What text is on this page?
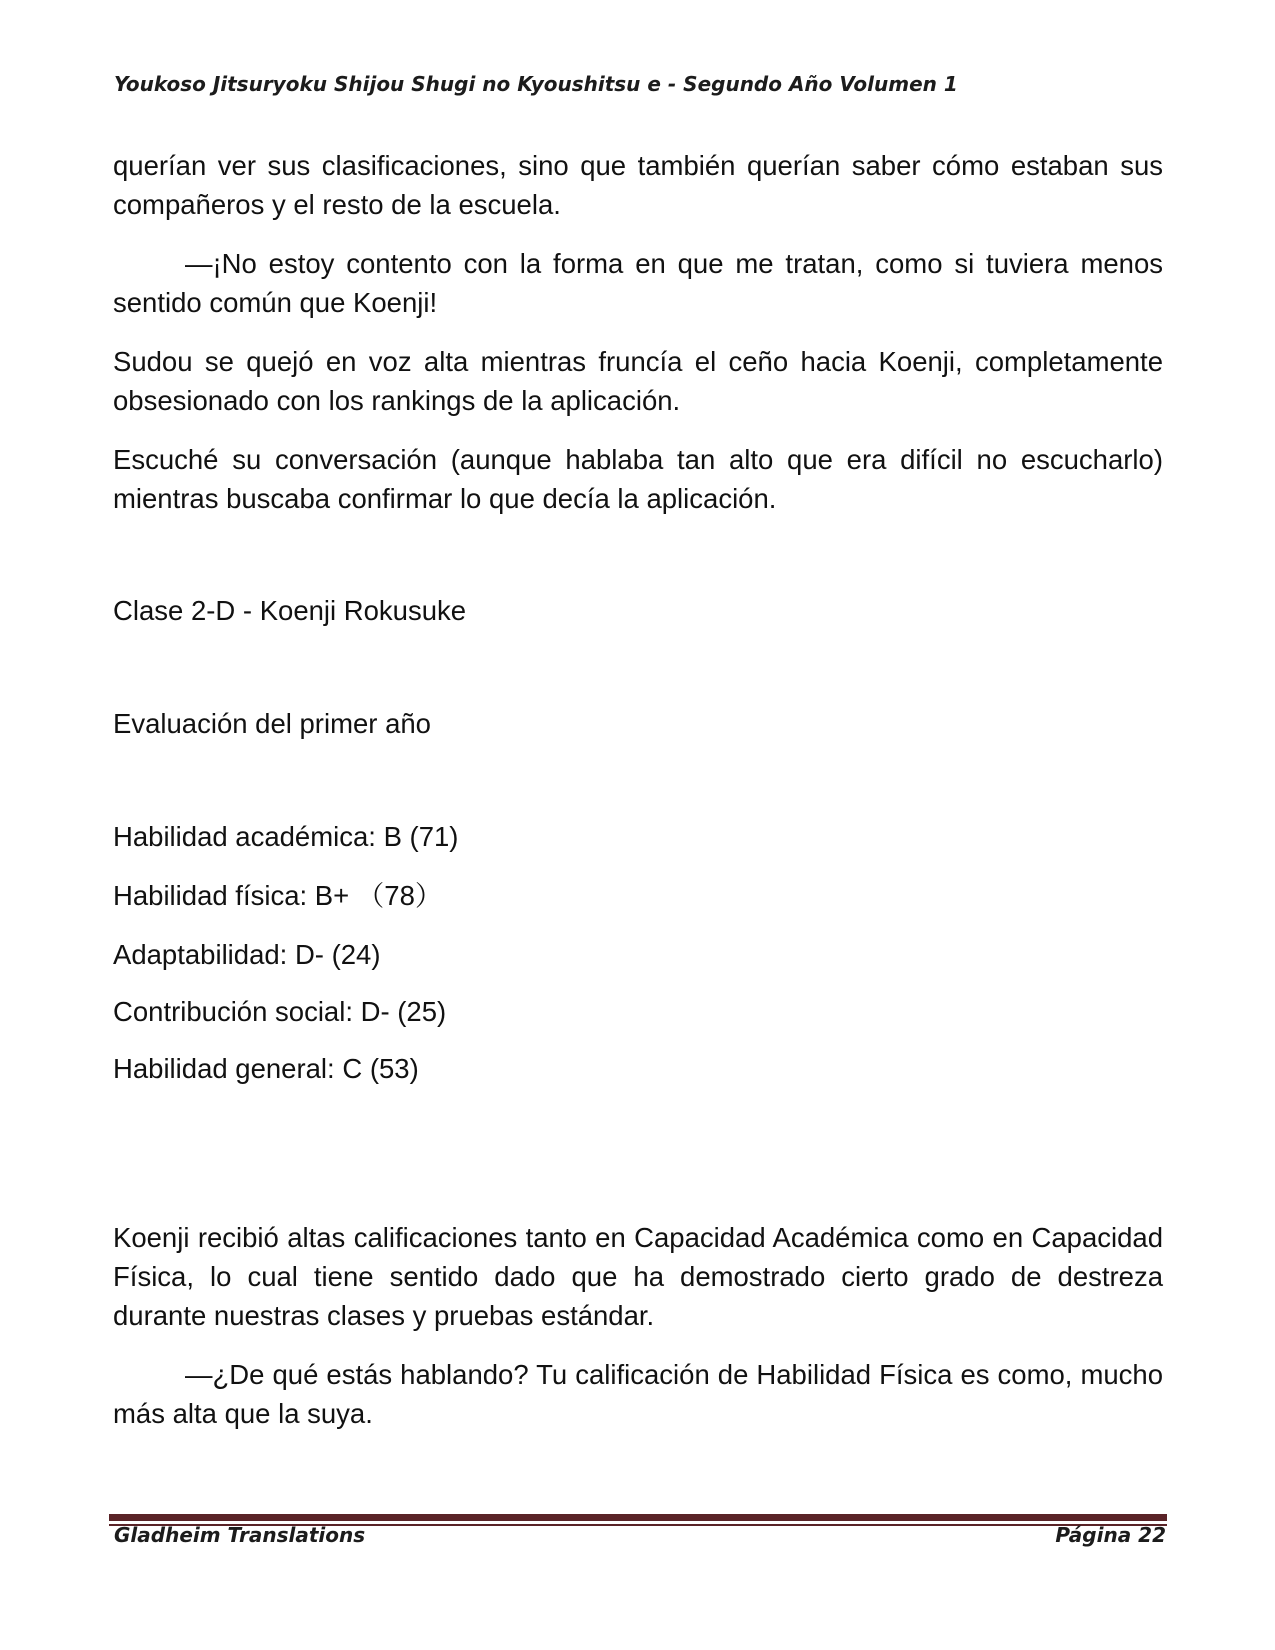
Youkoso Jitsuryoku Shijou Shugi no Kyoushitsu e - Segundo Año Volumen 1

querían ver sus clasificaciones, sino que también querían saber cómo estaban sus compañeros y el resto de la escuela.

—¡No estoy contento con la forma en que me tratan, como si tuviera menos sentido común que Koenji!

Sudou se quejó en voz alta mientras fruncía el ceño hacia Koenji, completamente obsesionado con los rankings de la aplicación.

Escuché su conversación (aunque hablaba tan alto que era difícil no escucharlo) mientras buscaba confirmar lo que decía la aplicación.

Clase 2-D - Koenji Rokusuke

Evaluación del primer año

Habilidad académica: B (71)

Habilidad física: B+ （78）

Adaptabilidad: D- (24)

Contribución social: D- (25)

Habilidad general: C (53)

Koenji recibió altas calificaciones tanto en Capacidad Académica como en Capacidad Física, lo cual tiene sentido dado que ha demostrado cierto grado de destreza durante nuestras clases y pruebas estándar.

—¿De qué estás hablando? Tu calificación de Habilidad Física es como, mucho más alta que la suya.

Gladheim Translations	Página 22
